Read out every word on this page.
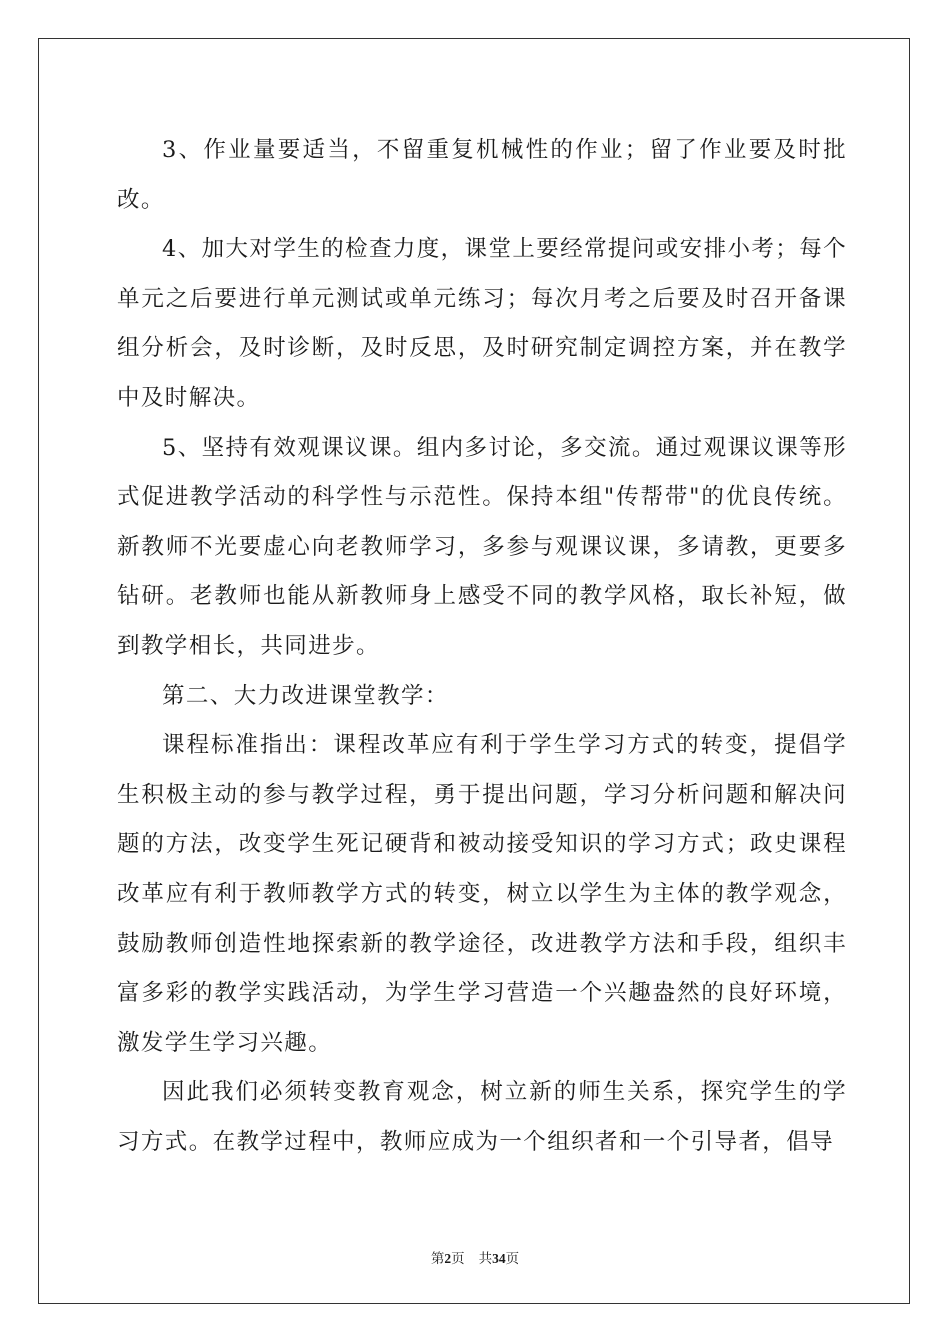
3、作业量要适当，不留重复机械性的作业；留了作业要及时批改。

4、加大对学生的检查力度，课堂上要经常提问或安排小考；每个单元之后要进行单元测试或单元练习；每次月考之后要及时召开备课组分析会，及时诊断，及时反思，及时研究制定调控方案，并在教学中及时解决。

5、坚持有效观课议课。组内多讨论，多交流。通过观课议课等形式促进教学活动的科学性与示范性。保持本组"传帮带"的优良传统。新教师不光要虚心向老教师学习，多参与观课议课，多请教，更要多钻研。老教师也能从新教师身上感受不同的教学风格，取长补短，做到教学相长，共同进步。

第二、大力改进课堂教学：

课程标准指出：课程改革应有利于学生学习方式的转变，提倡学生积极主动的参与教学过程，勇于提出问题，学习分析问题和解决问题的方法，改变学生死记硬背和被动接受知识的学习方式；政史课程改革应有利于教师教学方式的转变，树立以学生为主体的教学观念，鼓励教师创造性地探索新的教学途径，改进教学方法和手段，组织丰富多彩的教学实践活动，为学生学习营造一个兴趣盎然的良好环境，激发学生学习兴趣。

因此我们必须转变教育观念，树立新的师生关系，探究学生的学习方式。在教学过程中，教师应成为一个组织者和一个引导者，倡导

第2页 共34页
